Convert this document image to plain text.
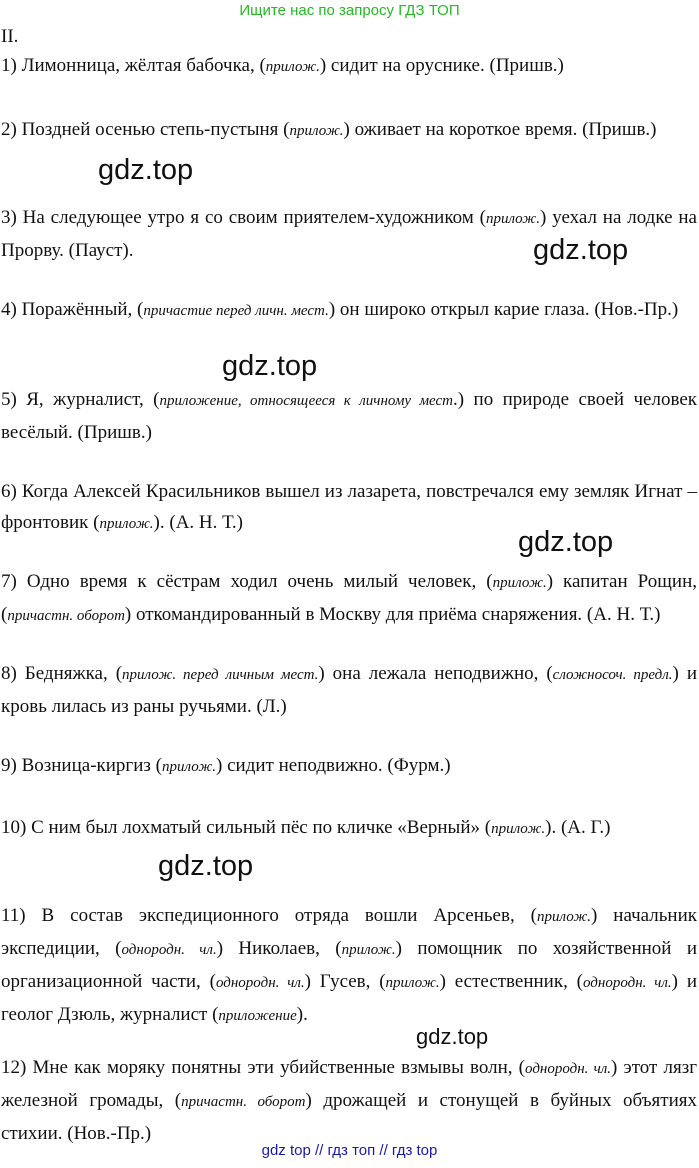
Ищите нас по запросу ГДЗ ТОП
II.
1) Лимонница, жёлтая бабочка, (прилож.) сидит на оруснике. (Пришв.)
2) Поздней осенью степь-пустыня (прилож.) оживает на короткое время. (Пришв.)
3) На следующее утро я со своим приятелем-художником (прилож.) уехал на лодке на Прорву. (Пауст).
4) Поражённый, (причастие перед личн. мест.) он широко открыл карие глаза. (Нов.-Пр.)
5) Я, журналист, (приложение, относящееся к личному мест.) по природе своей человек весёлый. (Пришв.)
6) Когда Алексей Красильников вышел из лазарета, повстречался ему земляк Игнат – фронтовик (прилож.). (А. Н. Т.)
7) Одно время к сёстрам ходил очень милый человек, (прилож.) капитан Рощин, (причастн. оборот) откомандированный в Москву для приёма снаряжения. (А. Н. Т.)
8) Бедняжка, (прилож. перед личным мест.) она лежала неподвижно, (сложносоч. предл.) и кровь лилась из раны ручьями. (Л.)
9) Возница-киргиз (прилож.) сидит неподвижно. (Фурм.)
10) С ним был лохматый сильный пёс по кличке «Верный» (прилож.). (А. Г.)
11) В состав экспедиционного отряда вошли Арсеньев, (прилож.) начальник экспедиции, (однородн. чл.) Николаев, (прилож.) помощник по хозяйственной и организационной части, (однородн. чл.) Гусев, (прилож.) естественник, (однородн. чл.) и геолог Дзюль, журналист (приложение).
12) Мне как моряку понятны эти убийственные взмывы волн, (однородн. чл.) этот лязг железной громады, (причастн. оборот) дрожащей и стонущей в буйных объятиях стихии. (Нов.-Пр.)
gdz.top
gdz.top
gdz.top
gdz.top
gdz.top
gdz.top
gdz top // гдз топ // гдз top
